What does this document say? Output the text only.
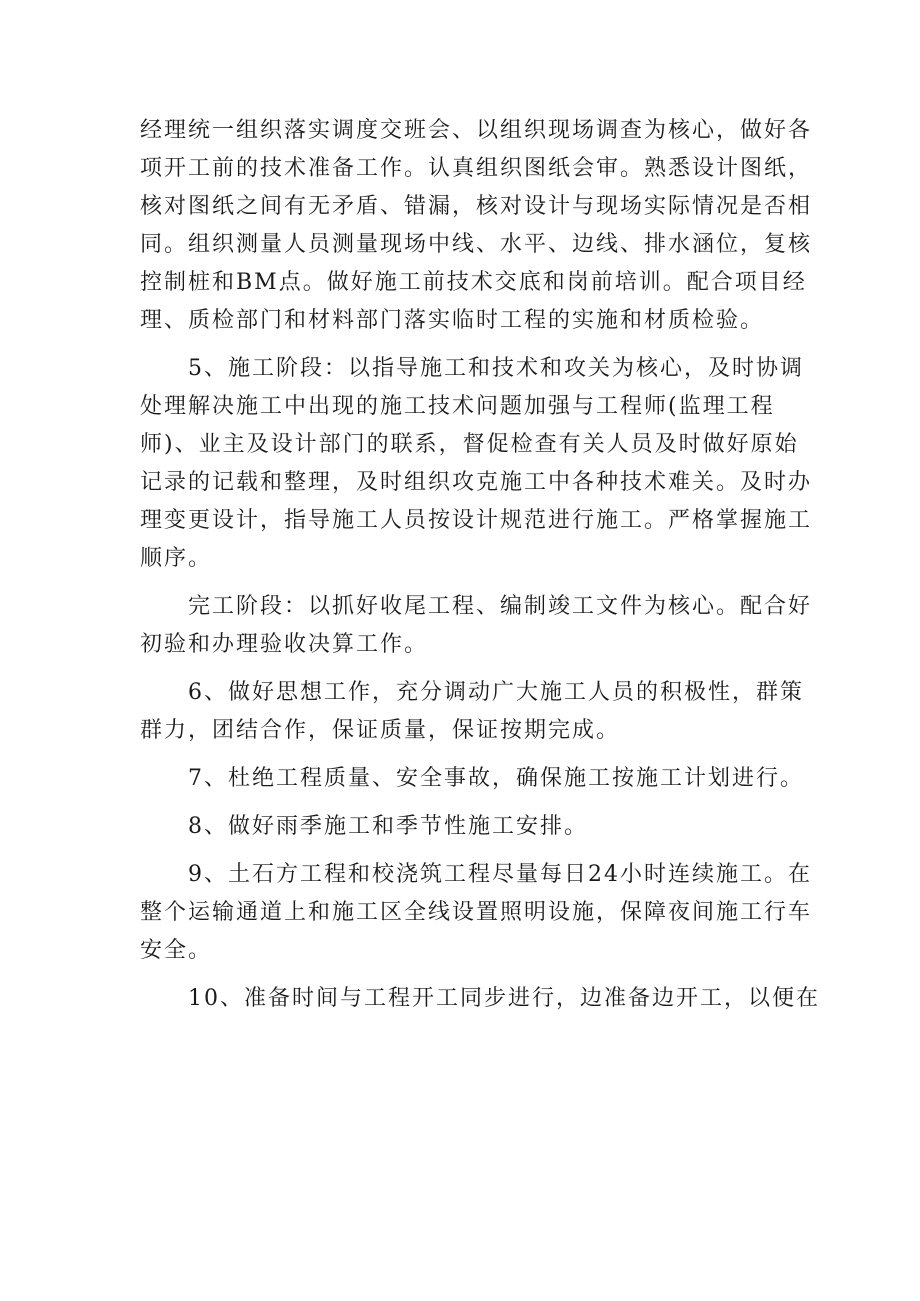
经理统一组织落实调度交班会、以组织现场调查为核心，做好各
项开工前的技术准备工作。认真组织图纸会审。熟悉设计图纸，
核对图纸之间有无矛盾、错漏，核对设计与现场实际情况是否相
同。组织测量人员测量现场中线、水平、边线、排水涵位，复核
控制桩和BM点。做好施工前技术交底和岗前培训。配合项目经
理、质检部门和材料部门落实临时工程的实施和材质检验。
5、施工阶段：以指导施工和技术和攻关为核心，及时协调
处理解决施工中出现的施工技术问题加强与工程师(监理工程
师)、业主及设计部门的联系，督促检查有关人员及时做好原始
记录的记载和整理，及时组织攻克施工中各种技术难关。及时办
理变更设计，指导施工人员按设计规范进行施工。严格掌握施工
顺序。
完工阶段：以抓好收尾工程、编制竣工文件为核心。配合好
初验和办理验收决算工作。
6、做好思想工作，充分调动广大施工人员的积极性，群策
群力，团结合作，保证质量，保证按期完成。
7、杜绝工程质量、安全事故，确保施工按施工计划进行。
8、做好雨季施工和季节性施工安排。
9、土石方工程和校浇筑工程尽量每日24小时连续施工。在
整个运输通道上和施工区全线设置照明设施，保障夜间施工行车
安全。
10、准备时间与工程开工同步进行，边准备边开工，以便在
